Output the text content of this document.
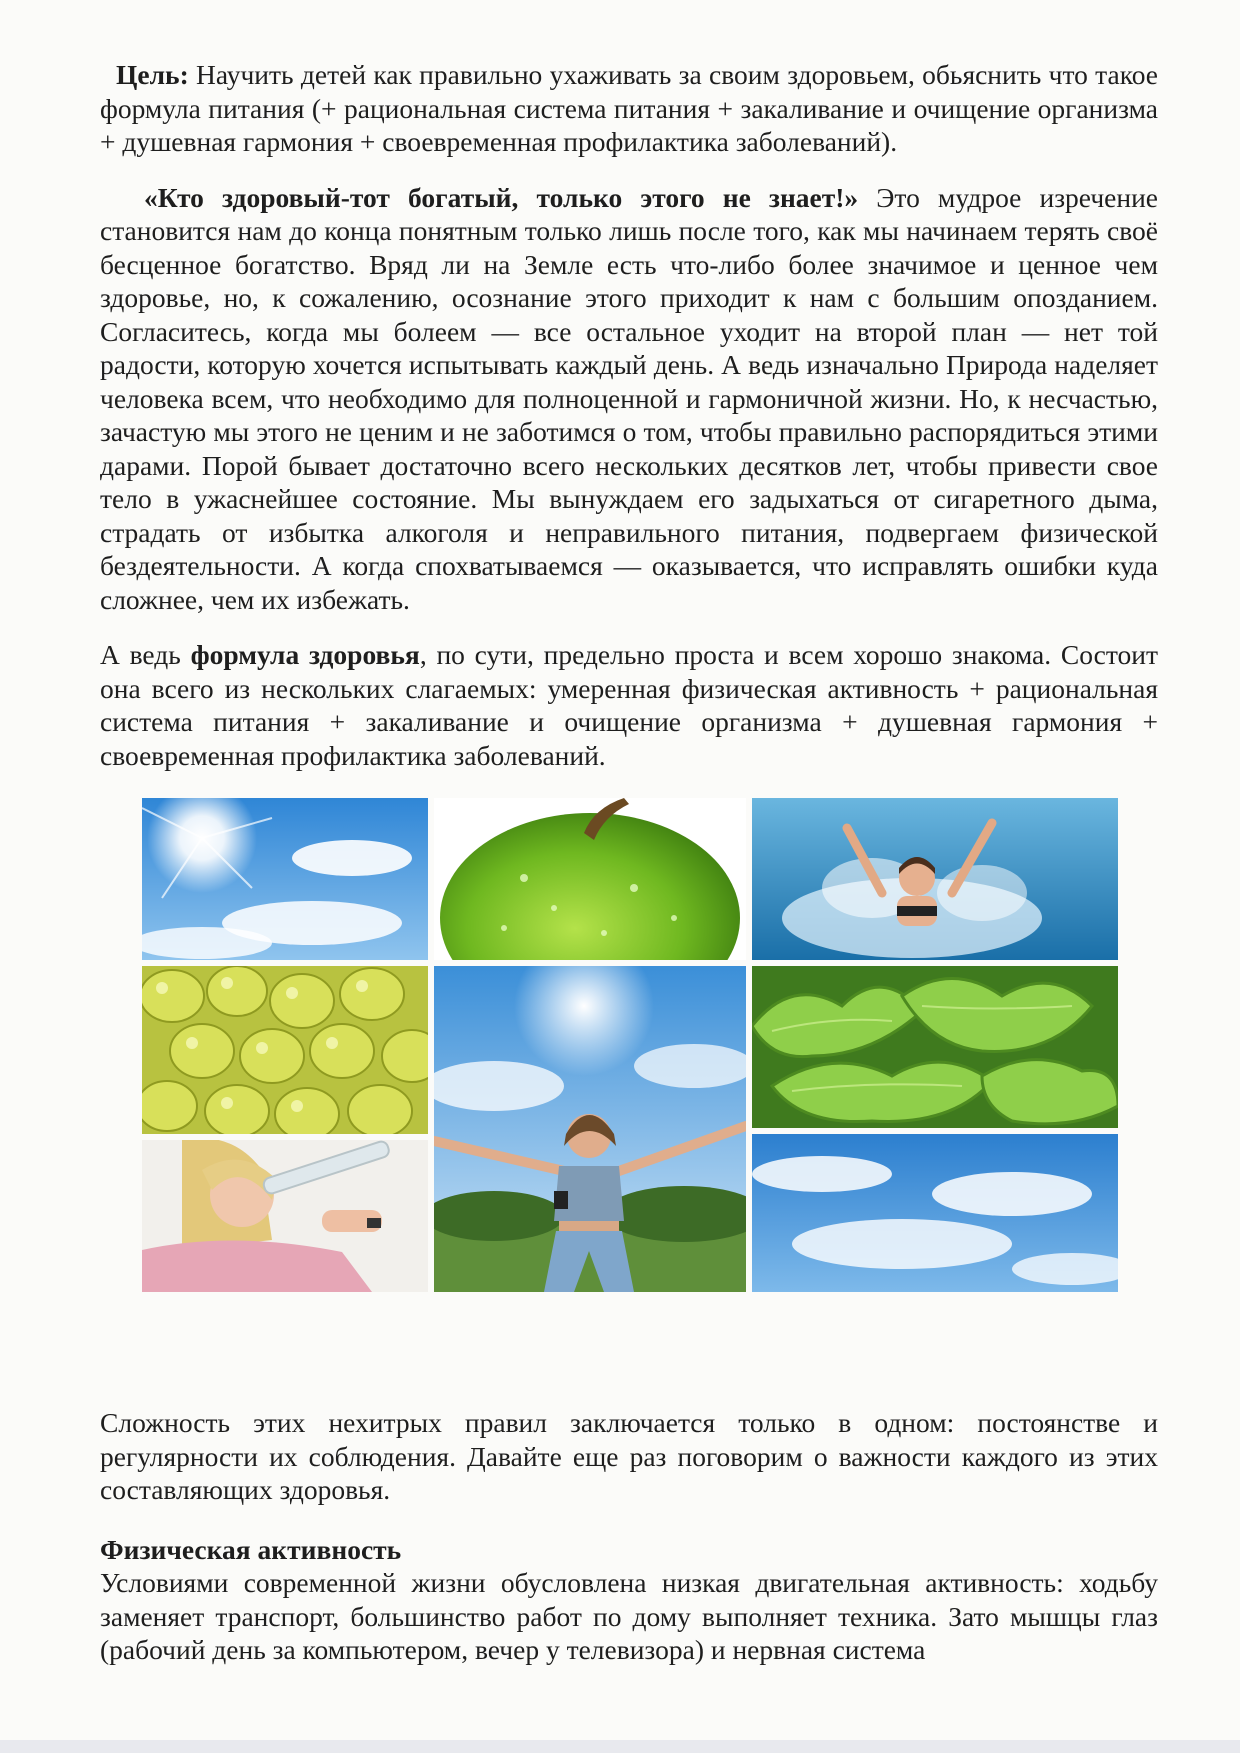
Цель: Научить детей как правильно ухаживать за своим здоровьем, обьяснить что такое формула питания (+ рациональная система питания + закаливание и очищение организма + душевная гармония + своевременная профилактика заболеваний).

«Кто здоровый-тот богатый, только этого не знает!» Это мудрое изречение становится нам до конца понятным только лишь после того, как мы начинаем терять своё бесценное богатство. Вряд ли на Земле есть что-либо более значимое и ценное чем здоровье, но, к сожалению, осознание этого приходит к нам с большим опозданием. Согласитесь, когда мы болеем — все остальное уходит на второй план — нет той радости, которую хочется испытывать каждый день. А ведь изначально Природа наделяет человека всем, что необходимо для полноценной и гармоничной жизни. Но, к несчастью, зачастую мы этого не ценим и не заботимся о том, чтобы правильно распорядиться этими дарами. Порой бывает достаточно всего нескольких десятков лет, чтобы привести свое тело в ужаснейшее состояние. Мы вынуждаем его задыхаться от сигаретного дыма, страдать от избытка алкоголя и неправильного питания, подвергаем физической бездеятельности. А когда спохватываемся — оказывается, что исправлять ошибки куда сложнее, чем их избежать.

А ведь формула здоровья, по сути, предельно проста и всем хорошо знакома. Состоит она всего из нескольких слагаемых: умеренная физическая активность + рациональная система питания + закаливание и очищение организма + душевная гармония + своевременная профилактика заболеваний.

Сложность этих нехитрых правил заключается только в одном: постоянстве и регулярности их соблюдения. Давайте еще раз поговорим о важности каждого из этих составляющих здоровья.

Физическая активность

Условиями современной жизни обусловлена низкая двигательная активность: ходьбу заменяет транспорт, большинство работ по дому выполняет техника. Зато мышцы глаз (рабочий день за компьютером, вечер у телевизора) и нервная система
